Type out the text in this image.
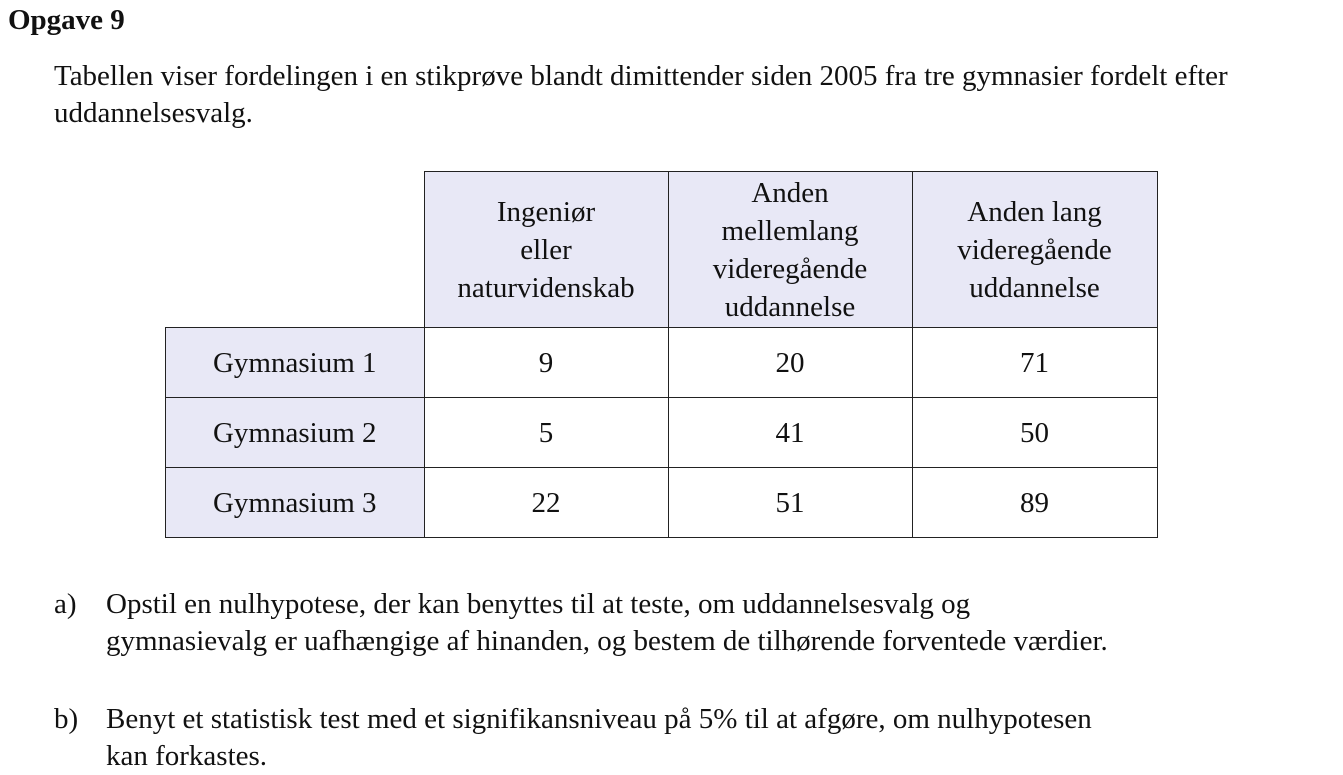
Opgave 9
Tabellen viser fordelingen i en stikprøve blandt dimittender siden 2005 fra tre gymnasier fordelt efter uddannelsesvalg.

	Ingeniør
eller
naturvidenskab	Anden
mellemlang
videregående
uddannelse	Anden lang
videregående
uddannelse

Gymnasium 1	9	20	71
Gymnasium 2	5	41	50
Gymnasium 3	22	51	89
a) Opstil en nulhypotese, der kan benyttes til at teste, om uddannelsesvalg og
gymnasievalg er uafhængige af hinanden, og bestem de tilhørende forventede værdier.
b) Benyt et statistisk test med et signifikansniveau på 5% til at afgøre, om nulhypotesen
kan forkastes.
